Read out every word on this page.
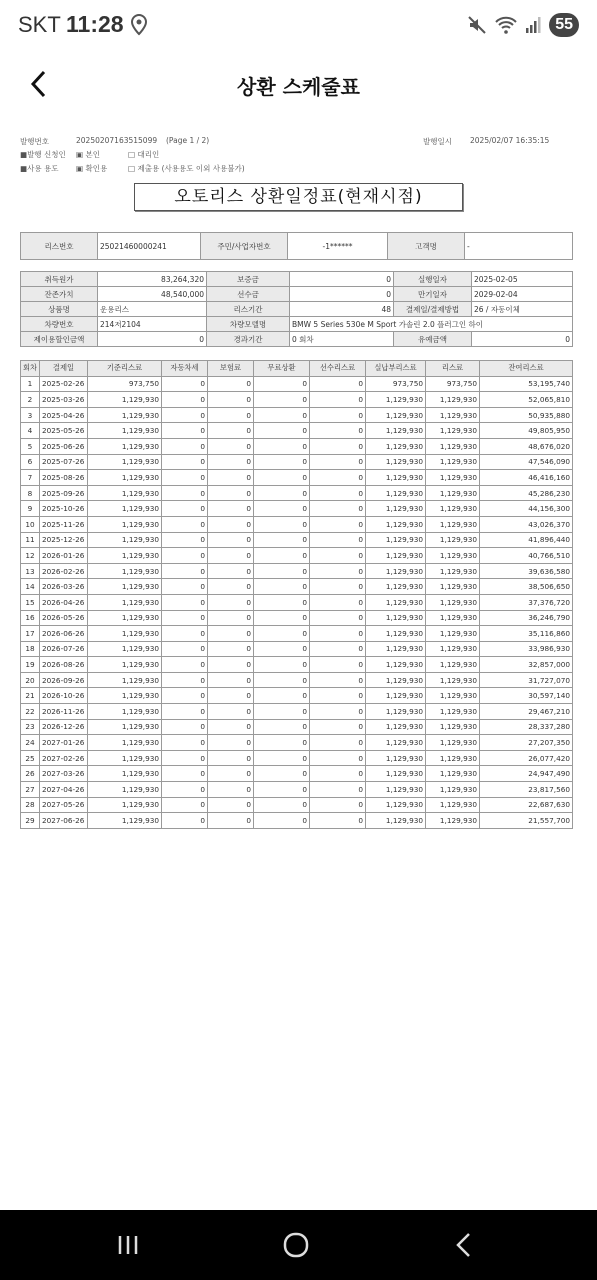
SKT 11:28	55
상환 스케줄표
발행번호	20250207163515099 (Page 1 / 2)	발행일시 2025/02/07 16:35:15
■발행 신청인 ▣ 본인	□ 대리인
■사용 용도 ▣ 확인용	□ 제출용 (사용용도 이외 사용불가)
오토리스 상환일정표(현재시점)
리스번호	25021460000241	주민/사업자번호	-1******	고객명	-
취득원가	83,264,320	보증금	0	실행일자	2025-02-05
잔존가치	48,540,000	선수금	0	만기일자	2029-02-04
상품명	운용리스	리스기간	48	결제일/결제방법	26 / 자동이체
차량번호	214저2104	차량모델명	BMW 5 Series 530e M Sport 가솔린 2.0 플러그인 하이		
제이용할인금액	0	경과기간	0 회차	유예금액	0
회차	결제일	기준리스료	자동차세	보험료	무료상환	선수리스료	실납부리스료	리스료	잔여리스료
1	2025-02-26	973,750	0	0	0	0	973,750	973,750	53,195,740
2	2025-03-26	1,129,930	0	0	0	0	1,129,930	1,129,930	52,065,810
3	2025-04-26	1,129,930	0	0	0	0	1,129,930	1,129,930	50,935,880
4	2025-05-26	1,129,930	0	0	0	0	1,129,930	1,129,930	49,805,950
5	2025-06-26	1,129,930	0	0	0	0	1,129,930	1,129,930	48,676,020
6	2025-07-26	1,129,930	0	0	0	0	1,129,930	1,129,930	47,546,090
7	2025-08-26	1,129,930	0	0	0	0	1,129,930	1,129,930	46,416,160
8	2025-09-26	1,129,930	0	0	0	0	1,129,930	1,129,930	45,286,230
9	2025-10-26	1,129,930	0	0	0	0	1,129,930	1,129,930	44,156,300
10	2025-11-26	1,129,930	0	0	0	0	1,129,930	1,129,930	43,026,370
11	2025-12-26	1,129,930	0	0	0	0	1,129,930	1,129,930	41,896,440
12	2026-01-26	1,129,930	0	0	0	0	1,129,930	1,129,930	40,766,510
13	2026-02-26	1,129,930	0	0	0	0	1,129,930	1,129,930	39,636,580
14	2026-03-26	1,129,930	0	0	0	0	1,129,930	1,129,930	38,506,650
15	2026-04-26	1,129,930	0	0	0	0	1,129,930	1,129,930	37,376,720
16	2026-05-26	1,129,930	0	0	0	0	1,129,930	1,129,930	36,246,790
17	2026-06-26	1,129,930	0	0	0	0	1,129,930	1,129,930	35,116,860
18	2026-07-26	1,129,930	0	0	0	0	1,129,930	1,129,930	33,986,930
19	2026-08-26	1,129,930	0	0	0	0	1,129,930	1,129,930	32,857,000
20	2026-09-26	1,129,930	0	0	0	0	1,129,930	1,129,930	31,727,070
21	2026-10-26	1,129,930	0	0	0	0	1,129,930	1,129,930	30,597,140
22	2026-11-26	1,129,930	0	0	0	0	1,129,930	1,129,930	29,467,210
23	2026-12-26	1,129,930	0	0	0	0	1,129,930	1,129,930	28,337,280
24	2027-01-26	1,129,930	0	0	0	0	1,129,930	1,129,930	27,207,350
25	2027-02-26	1,129,930	0	0	0	0	1,129,930	1,129,930	26,077,420
26	2027-03-26	1,129,930	0	0	0	0	1,129,930	1,129,930	24,947,490
27	2027-04-26	1,129,930	0	0	0	0	1,129,930	1,129,930	23,817,560
28	2027-05-26	1,129,930	0	0	0	0	1,129,930	1,129,930	22,687,630
29	2027-06-26	1,129,930	0	0	0	0	1,129,930	1,129,930	21,557,700
